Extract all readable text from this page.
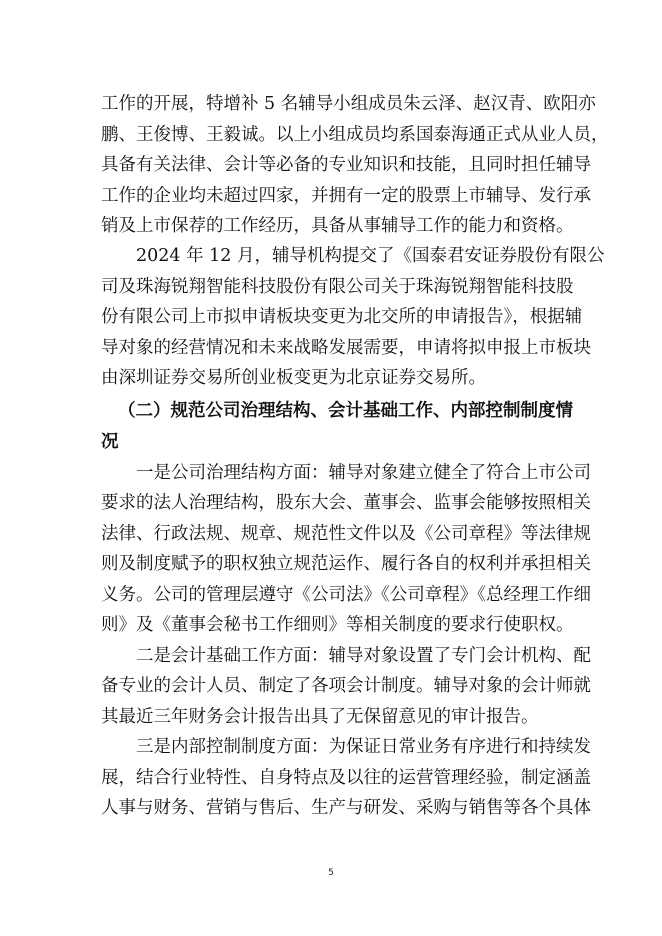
工作的开展，特增补 5 名辅导小组成员朱云泽、赵汉青、欧阳亦
鹏、王俊博、王毅诚。以上小组成员均系国泰海通正式从业人员，
具备有关法律、会计等必备的专业知识和技能，且同时担任辅导
工作的企业均未超过四家，并拥有一定的股票上市辅导、发行承
销及上市保荐的工作经历，具备从事辅导工作的能力和资格。
2024 年 12 月，辅导机构提交了《国泰君安证券股份有限公
司及珠海锐翔智能科技股份有限公司关于珠海锐翔智能科技股
份有限公司上市拟申请板块变更为北交所的申请报告》，根据辅
导对象的经营情况和未来战略发展需要，申请将拟申报上市板块
由深圳证券交易所创业板变更为北京证券交易所。
（二）规范公司治理结构、会计基础工作、内部控制制度情
况
一是公司治理结构方面：辅导对象建立健全了符合上市公司
要求的法人治理结构，股东大会、董事会、监事会能够按照相关
法律、行政法规、规章、规范性文件以及《公司章程》等法律规
则及制度赋予的职权独立规范运作、履行各自的权利并承担相关
义务。公司的管理层遵守《公司法》《公司章程》《总经理工作细
则》及《董事会秘书工作细则》等相关制度的要求行使职权。
二是会计基础工作方面：辅导对象设置了专门会计机构、配
备专业的会计人员、制定了各项会计制度。辅导对象的会计师就
其最近三年财务会计报告出具了无保留意见的审计报告。
三是内部控制制度方面：为保证日常业务有序进行和持续发
展，结合行业特性、自身特点及以往的运营管理经验，制定涵盖
人事与财务、营销与售后、生产与研发、采购与销售等各个具体
5
